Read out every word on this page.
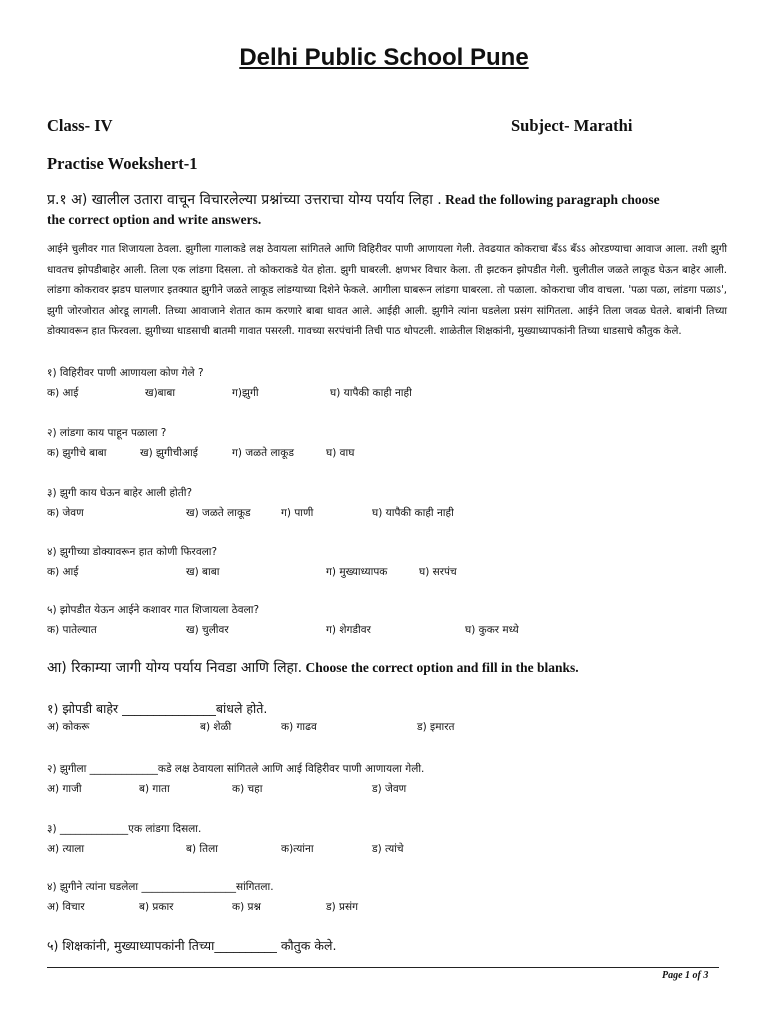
Delhi Public School Pune
Class- IV	Subject- Marathi
Practise Woekshert-1
प्र.१ अ) खालील उतारा वाचून विचारलेल्या प्रश्नांच्या उत्तराचा योग्य पर्याय लिहा . Read the following paragraph choose
the correct option and write answers.
आईने चुलीवर गात शिजायला ठेवला. झुगीला गालाकडे लक्ष ठेवायला सांगितले आणि विहिरीवर पाणी आणायला गेली. तेवढयात कोकराचा बँऽऽ बँऽऽ ओरडण्याचा आवाज आला. तशी झुगी धावतच झोपडीबाहेर आली. तिला एक लांडगा दिसला. तो कोकराकडे येत होता. झुगी घाबरली. क्षणभर विचार केला. ती झटकन झोपडीत गेली. चुलीतील जळते लाकूड घेऊन बाहेर आली. लांडगा कोकरावर झडप घालणार इतक्यात झुगीने जळते लाकूड लांडग्याच्या दिशेने फेकले. आगीला घाबरून लांडगा घाबरला. तो पळाला. कोकराचा जीव वाचला. 'पळा पळा, लांडगा पळाऽ', झुगी जोरजोरात ओरडू लागली. तिच्या आवाजाने शेतात काम करणारे बाबा धावत आले. आईही आली. झुगीने त्यांना घडलेला प्रसंग सांगितला. आईने तिला जवळ घेतले. बाबांनी तिच्या डोक्यावरून हात फिरवला. झुगीच्या धाडसाची बातमी गावात पसरली. गावच्या सरपंचांनी तिची पाठ थोपटली. शाळेतील शिक्षकांनी, मुख्याध्यापकांनी तिच्या धाडसाचे कौतुक केले.
१) विहिरीवर पाणी आणायला कोण गेले ?
क) आई	ख)बाबा	ग)झुगी	घ) यापैकी काही नाही
२) लांडगा काय पाहून पळाला ?
क) झुगीचे बाबा	ख) झुगीचीआई	ग) जळते लाकूड	घ) वाघ
३) झुगी काय घेऊन बाहेर आली होती?
क) जेवण	ख) जळते लाकूड	ग) पाणी	घ) यापैकी काही नाही
४) झुगीच्या डोक्यावरून हात कोणी फिरवला?
क) आई	ख) बाबा	ग) मुख्याध्यापक	घ) सरपंच
५) झोपडीत येऊन आईने कशावर गात शिजायला ठेवला?
क) पातेल्यात	ख) चुलीवर	ग) शेगडीवर	घ) कुकर मध्ये
आ) रिकाम्या जागी योग्य पर्याय निवडा आणि लिहा. Choose the correct option and fill in the blanks.
१) झोपडी बाहेर _______________बांधले होते.
अ) कोकरू	ब) शेळी	क) गाढव	ड) इमारत
२) झुगीला _____________कडे लक्ष ठेवायला सांगितले आणि आई विहिरीवर पाणी आणायला गेली.
अ) गाजी	ब) गाता	क) चहा	ड) जेवण
३) _____________एक लांडगा दिसला.
अ) त्याला	ब) तिला	क)त्यांना	ड) त्यांचे
४) झुगीने त्यांना घडलेला __________________सांगितला.
अ) विचार	ब) प्रकार	क) प्रश्न	ड) प्रसंग
५) शिक्षकांनी, मुख्याध्यापकांनी तिच्या__________ कौतुक केले.
Page 1 of 3
